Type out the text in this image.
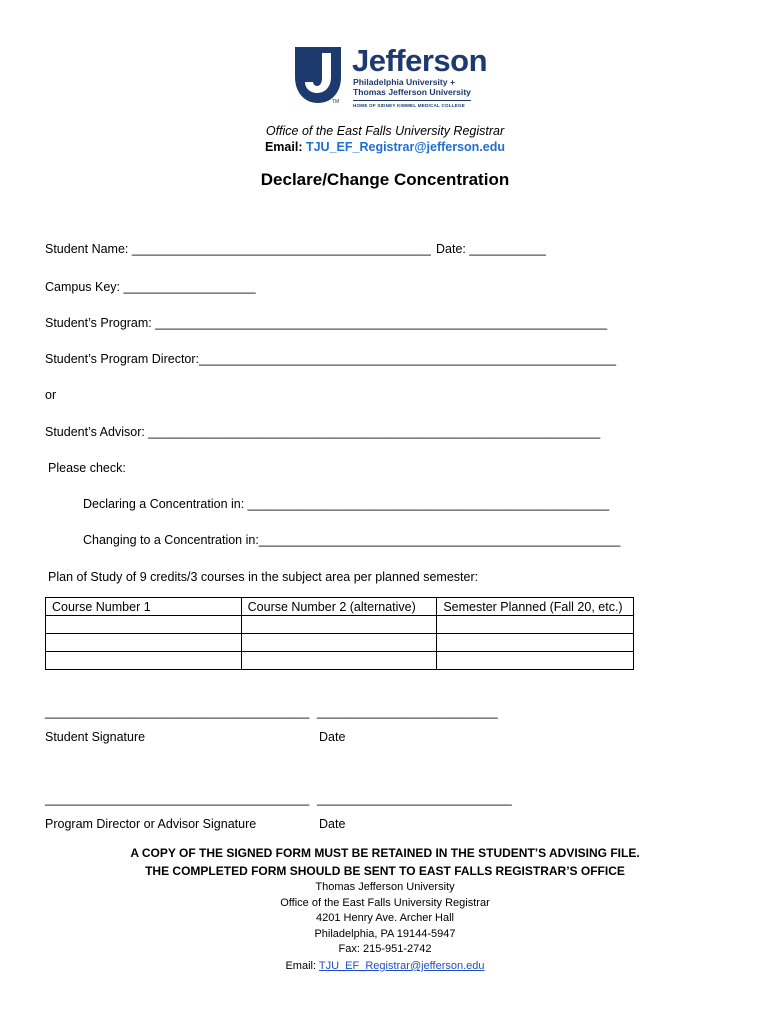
TM
Jefferson
Philadelphia University +
Thomas Jefferson University
HOME OF SIDNEY KIMMEL MEDICAL COLLEGE
Office of the East Falls University Registrar
Email: TJU_EF_Registrar@jefferson.edu
Declare/Change Concentration
Student Name: ___________________________________________ Date: ___________
Campus Key: ___________________
Student’s Program: _________________________________________________________________
Student’s Program Director:____________________________________________________________
or
Student’s Advisor: _________________________________________________________________
Please check:
Declaring a Concentration in: ____________________________________________________
Changing to a Concentration in:____________________________________________________
Plan of Study of 9 credits/3 courses in the subject area per planned semester:
Course Number 1	Course Number 2 (alternative)	Semester Planned (Fall 20, etc.)

______________________________________ __________________________
Student Signature	Date
______________________________________ ____________________________
Program Director or Advisor Signature	Date
A COPY OF THE SIGNED FORM MUST BE RETAINED IN THE STUDENT’S ADVISING FILE.
THE COMPLETED FORM SHOULD BE SENT TO EAST FALLS REGISTRAR’S OFFICE
Thomas Jefferson University
Office of the East Falls University Registrar
4201 Henry Ave. Archer Hall
Philadelphia, PA 19144-5947
Fax: 215-951-2742
Email: TJU_EF_Registrar@jefferson.edu
